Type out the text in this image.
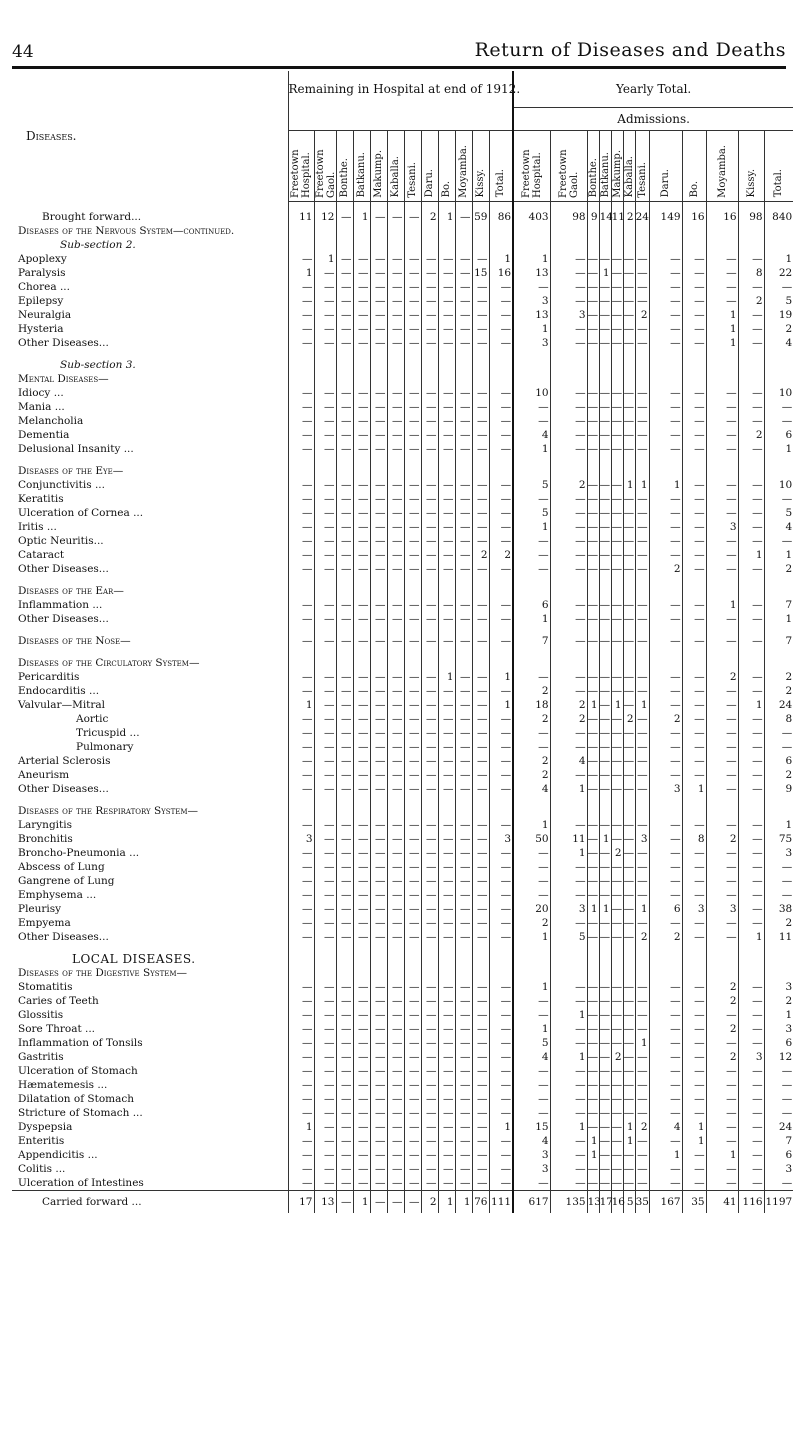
44	Return of Diseases and Deaths
Diseases.	Remaining in Hospital at end of 1912.												Yearly Total.											
													Admissions.											
	Freetown Hospital.	Freetown Gaol.	Bonthe.	Batkanu.	Makump.	Kaballa.	Tesani.	Daru.	Bo.	Moyamba.	Kissy.	Total.	Freetown Hospital.	Freetown Gaol.	Bonthe.	Batkanu.	Makump.	Kaballa.	Tesani.	Daru.	Bo.	Moyamba.	Kissy.	Total.

Brought forward...	11	12	—	1	—	—	—	2	1	—	59	86	403	98	9	14	11	2	24	149	16	16	98	840
Diseases of the Nervous System—continued.																								
Sub-section 2.																								
Apoplexy	—	1	—	—	—	—	—	—	—	—	—	1	1	—	—	—	—	—	—	—	—	—	—	1
Paralysis	1	—	—	—	—	—	—	—	—	—	15	16	13	—	—	1	—	—	—	—	—	—	8	22
Chorea ...	—	—	—	—	—	—	—	—	—	—	—	—	—	—	—	—	—	—	—	—	—	—	—	—
Epilepsy	—	—	—	—	—	—	—	—	—	—	—	—	3	—	—	—	—	—	—	—	—	—	2	5
Neuralgia	—	—	—	—	—	—	—	—	—	—	—	—	13	3	—	—	—	—	2	—	—	1	—	19
Hysteria	—	—	—	—	—	—	—	—	—	—	—	—	1	—	—	—	—	—	—	—	—	1	—	2
Other Diseases...	—	—	—	—	—	—	—	—	—	—	—	—	3	—	—	—	—	—	—	—	—	1	—	4

Sub-section 3.																								
Mental Diseases—																								
Idiocy ...	—	—	—	—	—	—	—	—	—	—	—	—	10	—	—	—	—	—	—	—	—	—	—	10
Mania ...	—	—	—	—	—	—	—	—	—	—	—	—	—	—	—	—	—	—	—	—	—	—	—	—
Melancholia	—	—	—	—	—	—	—	—	—	—	—	—	—	—	—	—	—	—	—	—	—	—	—	—
Dementia	—	—	—	—	—	—	—	—	—	—	—	—	4	—	—	—	—	—	—	—	—	—	2	6
Delusional Insanity ...	—	—	—	—	—	—	—	—	—	—	—	—	1	—	—	—	—	—	—	—	—	—	—	1

Diseases of the Eye—																								
Conjunctivitis ...	—	—	—	—	—	—	—	—	—	—	—	—	5	2	—	—	—	1	1	1	—	—	—	10
Keratitis	—	—	—	—	—	—	—	—	—	—	—	—	—	—	—	—	—	—	—	—	—	—	—	—
Ulceration of Cornea ...	—	—	—	—	—	—	—	—	—	—	—	—	5	—	—	—	—	—	—	—	—	—	—	5
Iritis ...	—	—	—	—	—	—	—	—	—	—	—	—	1	—	—	—	—	—	—	—	—	3	—	4
Optic Neuritis...	—	—	—	—	—	—	—	—	—	—	—	—	—	—	—	—	—	—	—	—	—	—	—	—
Cataract	—	—	—	—	—	—	—	—	—	—	2	2	—	—	—	—	—	—	—	—	—	—	1	1
Other Diseases...	—	—	—	—	—	—	—	—	—	—	—	—	—	—	—	—	—	—	—	2	—	—	—	2

Diseases of the Ear—																								
Inflammation ...	—	—	—	—	—	—	—	—	—	—	—	—	6	—	—	—	—	—	—	—	—	1	—	7
Other Diseases...	—	—	—	—	—	—	—	—	—	—	—	—	1	—	—	—	—	—	—	—	—	—	—	1

Diseases of the Nose—	—	—	—	—	—	—	—	—	—	—	—	—	7	—	—	—	—	—	—	—	—	—	—	7

Diseases of the Circulatory System—																								
Pericarditis	—	—	—	—	—	—	—	—	1	—	—	1	—	—	—	—	—	—	—	—	—	2	—	2
Endocarditis ...	—	—	—	—	—	—	—	—	—	—	—	—	2	—	—	—	—	—	—	—	—	—	—	2
Valvular—Mitral	1	—	—	—	—	—	—	—	—	—	—	1	18	2	1	—	1	—	1	—	—	—	1	24
Aortic	—	—	—	—	—	—	—	—	—	—	—	—	2	2	—	—	—	2	—	2	—	—	—	8
Tricuspid ...	—	—	—	—	—	—	—	—	—	—	—	—	—	—	—	—	—	—	—	—	—	—	—	—
Pulmonary	—	—	—	—	—	—	—	—	—	—	—	—	—	—	—	—	—	—	—	—	—	—	—	—
Arterial Sclerosis	—	—	—	—	—	—	—	—	—	—	—	—	2	4	—	—	—	—	—	—	—	—	—	6
Aneurism	—	—	—	—	—	—	—	—	—	—	—	—	2	—	—	—	—	—	—	—	—	—	—	2
Other Diseases...	—	—	—	—	—	—	—	—	—	—	—	—	4	1	—	—	—	—	—	3	1	—	—	9

Diseases of the Respiratory System—																								
Laryngitis	—	—	—	—	—	—	—	—	—	—	—	—	1	—	—	—	—	—	—	—	—	—	—	1
Bronchitis	3	—	—	—	—	—	—	—	—	—	—	3	50	11	—	1	—	—	3	—	8	2	—	75
Broncho-Pneumonia ...	—	—	—	—	—	—	—	—	—	—	—	—	—	1	—	—	2	—	—	—	—	—	—	3
Abscess of Lung	—	—	—	—	—	—	—	—	—	—	—	—	—	—	—	—	—	—	—	—	—	—	—	—
Gangrene of Lung	—	—	—	—	—	—	—	—	—	—	—	—	—	—	—	—	—	—	—	—	—	—	—	—
Emphysema ...	—	—	—	—	—	—	—	—	—	—	—	—	—	—	—	—	—	—	—	—	—	—	—	—
Pleurisy	—	—	—	—	—	—	—	—	—	—	—	—	20	3	1	1	—	—	1	6	3	3	—	38
Empyema	—	—	—	—	—	—	—	—	—	—	—	—	2	—	—	—	—	—	—	—	—	—	—	2
Other Diseases...	—	—	—	—	—	—	—	—	—	—	—	—	1	5	—	—	—	—	2	2	—	—	1	11

LOCAL DISEASES.																								
Diseases of the Digestive System—																								
Stomatitis	—	—	—	—	—	—	—	—	—	—	—	—	1	—	—	—	—	—	—	—	—	2	—	3
Caries of Teeth	—	—	—	—	—	—	—	—	—	—	—	—	—	—	—	—	—	—	—	—	—	2	—	2
Glossitis	—	—	—	—	—	—	—	—	—	—	—	—	—	1	—	—	—	—	—	—	—	—	—	1
Sore Throat ...	—	—	—	—	—	—	—	—	—	—	—	—	1	—	—	—	—	—	—	—	—	2	—	3
Inflammation of Tonsils	—	—	—	—	—	—	—	—	—	—	—	—	5	—	—	—	—	—	1	—	—	—	—	6
Gastritis	—	—	—	—	—	—	—	—	—	—	—	—	4	1	—	—	2	—	—	—	—	2	3	12
Ulceration of Stomach	—	—	—	—	—	—	—	—	—	—	—	—	—	—	—	—	—	—	—	—	—	—	—	—
Hæmatemesis ...	—	—	—	—	—	—	—	—	—	—	—	—	—	—	—	—	—	—	—	—	—	—	—	—
Dilatation of Stomach	—	—	—	—	—	—	—	—	—	—	—	—	—	—	—	—	—	—	—	—	—	—	—	—
Stricture of Stomach ...	—	—	—	—	—	—	—	—	—	—	—	—	—	—	—	—	—	—	—	—	—	—	—	—
Dyspepsia	1	—	—	—	—	—	—	—	—	—	—	1	15	1	—	—	—	1	2	4	1	—	—	24
Enteritis	—	—	—	—	—	—	—	—	—	—	—	—	4	—	1	—	—	1	—	—	1	—	—	7
Appendicitis ...	—	—	—	—	—	—	—	—	—	—	—	—	3	—	1	—	—	—	—	1	—	1	—	6
Colitis ...	—	—	—	—	—	—	—	—	—	—	—	—	3	—	—	—	—	—	—	—	—	—	—	3
Ulceration of Intestines	—	—	—	—	—	—	—	—	—	—	—	—	—	—	—	—	—	—	—	—	—	—	—	—
Carried forward ...	17	13	—	1	—	—	—	2	1	1	76	111	617	135	13	17	16	5	35	167	35	41	116	1197
